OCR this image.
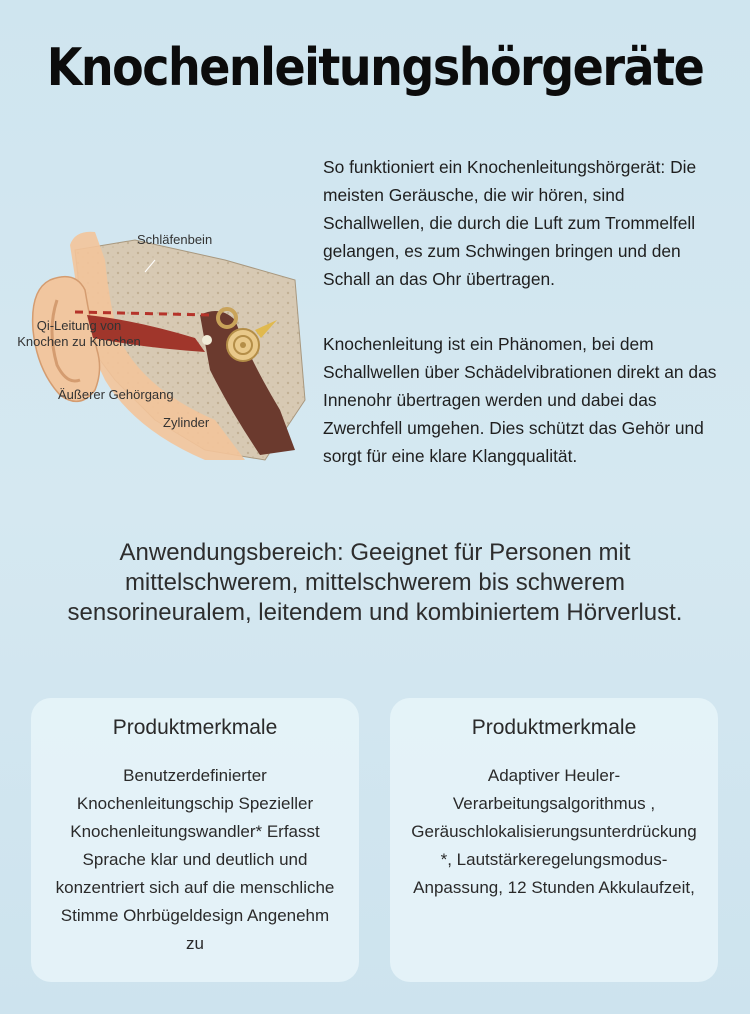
Knochenleitungshörgeräte
Schläfenbein
Qi-Leitung von
Knochen zu Knochen
Äußerer Gehörgang
Zylinder
So funktioniert ein Knochenleitungshörgerät: Die meisten Geräusche, die wir hören, sind Schallwellen, die durch die Luft zum Trommelfell gelangen, es zum Schwingen bringen und den Schall an das Ohr übertragen.
Knochenleitung ist ein Phänomen, bei dem Schallwellen über Schädelvibrationen direkt an das Innenohr übertragen werden und dabei das Zwerchfell umgehen. Dies schützt das Gehör und sorgt für eine klare Klangqualität.
Anwendungsbereich: Geeignet für Personen mit mittelschwerem, mittelschwerem bis schwerem sensorineuralem, leitendem und kombiniertem Hörverlust.
Produktmerkmale
Benutzerdefinierter Knochenleitungschip Spezieller Knochenleitungswandler* Erfasst Sprache klar und deutlich und konzentriert sich auf die menschliche Stimme Ohrbügeldesign Angenehm zu
Produktmerkmale
Adaptiver Heuler-Verarbeitungsalgorithmus , Geräuschlokalisierungsunterdrückung*, Lautstärkeregelungsmodus-Anpassung, 12 Stunden Akkulaufzeit,
